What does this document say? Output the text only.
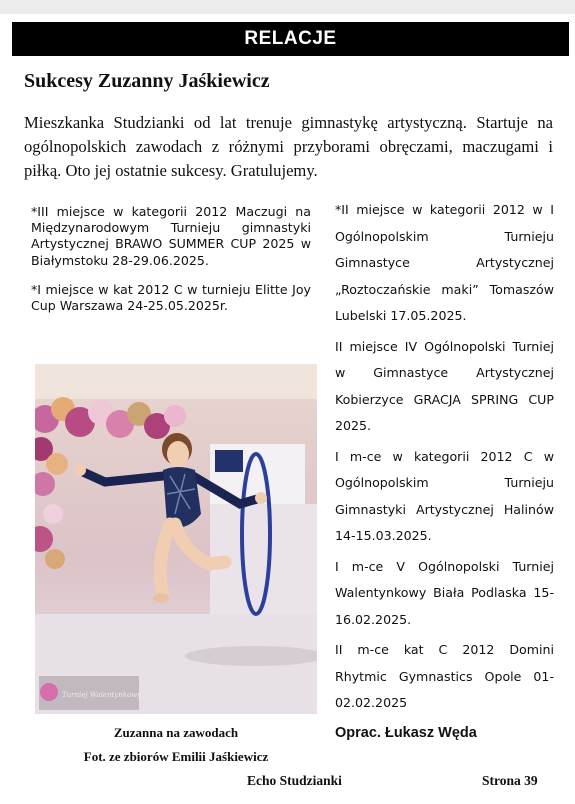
RELACJE
Sukcesy Zuzanny Jaśkiewicz

Mieszkanka Studzianki od lat trenuje gimnastykę artystyczną. Startuje na ogólnopolskich zawodach z różnymi przyborami obręczami, maczugami i piłką. Oto jej ostatnie sukcesy. Gratulujemy.

*III miejsce w kategorii 2012 Maczugi na Międzynarodowym Turnieju gimnastyki Artystycznej BRAWO SUMMER CUP 2025 w Białymstoku 28-29.06.2025.

*I miejsce w kat 2012 C w turnieju Elitte Joy Cup Warszawa 24-25.05.2025r.

Turniej Walentynkowy
Zuzanna na zawodach
Fot. ze zbiorów Emilii Jaśkiewicz

*II miejsce w kategorii 2012 w I Ogólnopolskim Turnieju Gimnastyce Artystycznej „Roztoczańskie maki” Tomaszów Lubelski 17.05.2025.

II miejsce IV Ogólnopolski Turniej w Gimnastyce Artystycznej Kobierzyce GRACJA SPRING CUP 2025.

I m-ce w kategorii 2012 C w Ogólnopolskim Turnieju Gimnastyki Artystycznej Halinów 14-15.03.2025.

I m-ce V Ogólnopolski Turniej Walentynkowy Biała Podlaska 15-16.02.2025.

II m-ce kat C 2012 Domini Rhytmic Gymnastics Opole 01-02.02.2025

Oprac. Łukasz Węda

Echo Studzianki	Strona 39
